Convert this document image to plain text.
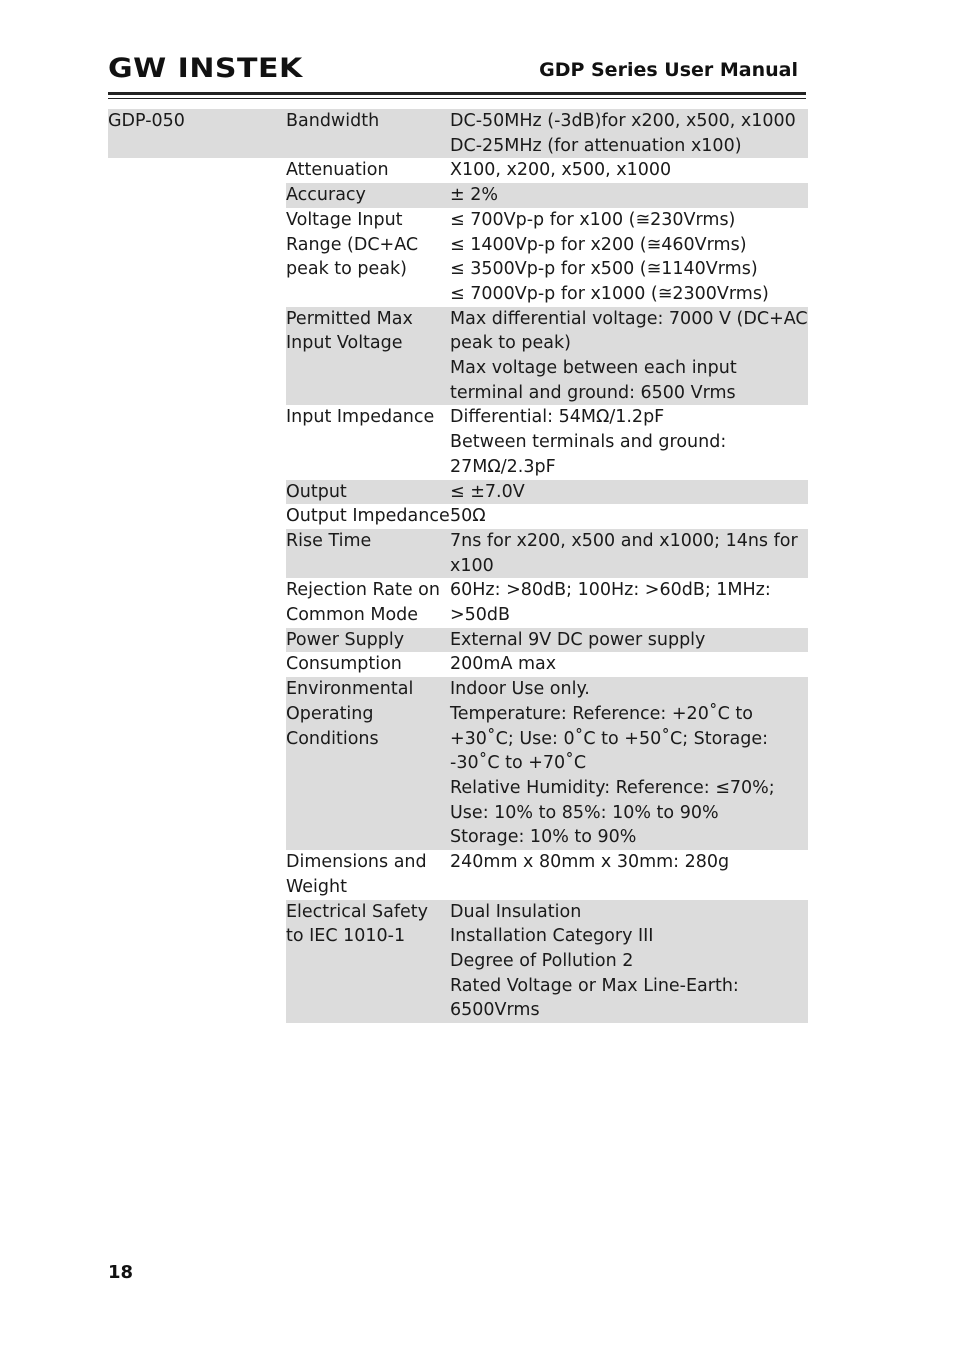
GW INSTEK	GDP Series User Manual
GDP-050	Bandwidth	DC-50MHz (-3dB)for x200, x500, x1000
DC-25MHz (for attenuation x100)

	Attenuation	X100, x200, x500, x1000

	Accuracy	± 2%

	Voltage Input Range (DC+AC peak to peak)	≤ 700Vp-p for x100 (≅230Vrms)
≤ 1400Vp-p for x200 (≅460Vrms)
≤ 3500Vp-p for x500 (≅1140Vrms)
≤ 7000Vp-p for x1000 (≅2300Vrms)

	Permitted Max Input Voltage	Max differential voltage: 7000 V (DC+AC peak to peak)
Max voltage between each input terminal and ground: 6500 Vrms
	Input Impedance	Differential: 54MΩ/1.2pF
Between terminals and ground: 27MΩ/2.3pF
	Output	≤ ±7.0V

	Output Impedance	50Ω

	Rise Time	7ns for x200, x500 and x1000; 14ns for x100
	Rejection Rate on Common Mode	60Hz: >80dB; 100Hz: >60dB; 1MHz: >50dB
	Power Supply	External 9V DC power supply

	Consumption	200mA max

	Environmental Operating Conditions	Indoor Use only.
Temperature: Reference: +20˚C to +30˚C; Use: 0˚C to +50˚C; Storage: -30˚C to +70˚C
Relative Humidity: Reference: ≤70%; Use: 10% to 85%: 10% to 90%
Storage: 10% to 90%
	Dimensions and Weight	240mm x 80mm x 30mm: 280g
	Electrical Safety to IEC 1010-1	Dual Insulation
Installation Category III
Degree of Pollution 2
Rated Voltage or Max Line-Earth: 6500Vrms
18
